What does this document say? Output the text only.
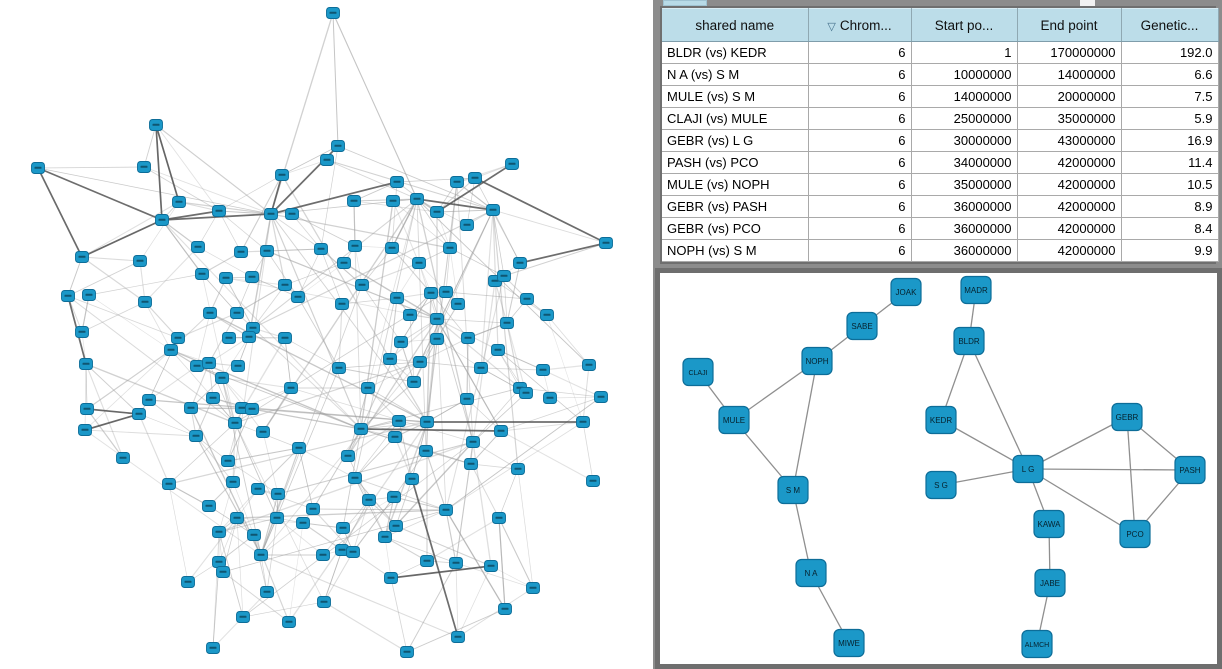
shared name	▽ Chrom...	Start po...	End point	Genetic...
BLDR (vs) KEDR	6	1	170000000	192.0
N A (vs) S M	6	10000000	14000000	6.6
MULE (vs) S M	6	14000000	20000000	7.5
CLAJI (vs) MULE	6	25000000	35000000	5.9
GEBR (vs) L G	6	30000000	43000000	16.9
PASH (vs) PCO	6	34000000	42000000	11.4
MULE (vs) NOPH	6	35000000	42000000	10.5
GEBR (vs) PASH	6	36000000	42000000	8.9
GEBR (vs) PCO	6	36000000	42000000	8.4
NOPH (vs) S M	6	36000000	42000000	9.9
JOAK
SABE
NOPH
CLAJI
MULE
S M
N A
MIWE
MADR
BLDR
KEDR	GEBR
L G
S G
PASH
KAWA
PCO
JABE
ALMCH
